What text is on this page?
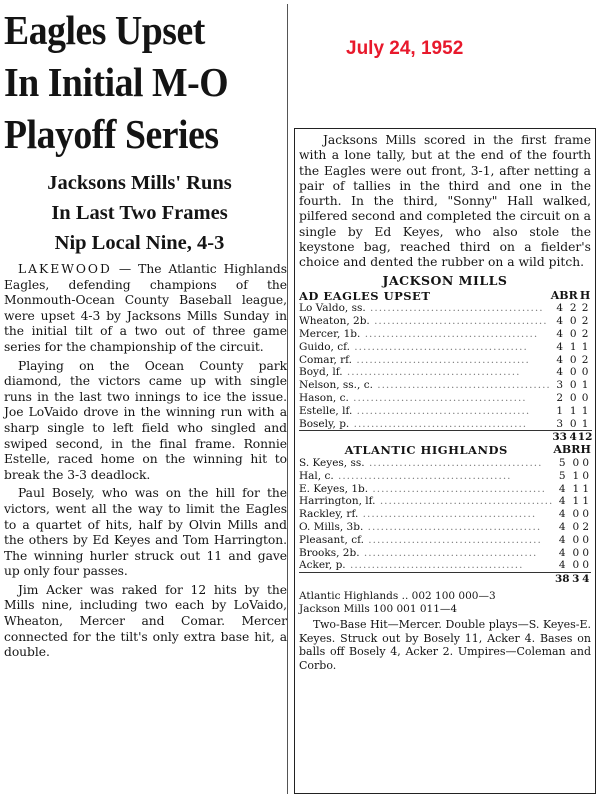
July 24, 1952
Eagles Upset
In Initial M-O
Playoff Series
Jacksons Mills' Runs
In Last Two Frames
Nip Local Nine, 4-3

LAKEWOOD — The Atlantic Highlands Eagles, defending champions of the Monmouth-Ocean County Baseball league, were upset 4-3 by Jacksons Mills Sunday in the initial tilt of a two out of three game series for the championship of the circuit.

Playing on the Ocean County park diamond, the victors came up with single runs in the last two innings to ice the issue. Joe LoVaido drove in the winning run with a sharp single to left field who singled and swiped second, in the final frame. Ronnie Estelle, raced home on the winning hit to break the 3-3 deadlock.

Paul Bosely, who was on the hill for the victors, went all the way to limit the Eagles to a quartet of hits, half by Olvin Mills and the others by Ed Keyes and Tom Harrington. The winning hurler struck out 11 and gave up only four passes.

Jim Acker was raked for 12 hits by the Mills nine, including two each by LoVaido, Wheaton, Mercer and Comar. Mercer connected for the tilt's only extra base hit, a double.

Jacksons Mills scored in the first frame with a lone tally, but at the end of the fourth the Eagles were out front, 3-1, after netting a pair of tallies in the third and one in the fourth. In the third, "Sonny" Hall walked, pilfered second and completed the circuit on a single by Ed Keyes, who also stole the keystone bag, reached third on a fielder's choice and dented the rubber on a wild pitch.

JACKSON MILLS
AD EAGLES UPSET	AB	R	H
Lo Valdo, ss. ........................................	4	2	2
Wheaton, 2b. ........................................	4	0	2
Mercer, 1b. ........................................	4	0	2
Guido, cf. ........................................	4	1	1
Comar, rf. ........................................	4	0	2
Boyd, lf. ........................................	4	0	0
Nelson, ss., c. ........................................	3	0	1
Hason, c. ........................................	2	0	0
Estelle, lf. ........................................	1	1	1
Bosely, p. ........................................	3	0	1
	33	4	12
ATLANTIC HIGHLANDS	AB	R	H
S. Keyes, ss. ........................................	5	0	0
Hal, c. ........................................	5	1	0
E. Keyes, 1b. ........................................	4	1	1
Harrington, lf. ........................................	4	1	1
Rackley, rf. ........................................	4	0	0
O. Mills, 3b. ........................................	4	0	2
Pleasant, cf. ........................................	4	0	0
Brooks, 2b. ........................................	4	0	0
Acker, p. ........................................	4	0	0
	38	3	4
Atlantic Highlands .. 002 100 000—3
Jackson Mills 100 001 011—4
Two-Base Hit—Mercer. Double plays—S. Keyes-E. Keyes. Struck out by Bosely 11, Acker 4. Bases on balls off Bosely 4, Acker 2. Umpires—Coleman and Corbo.
